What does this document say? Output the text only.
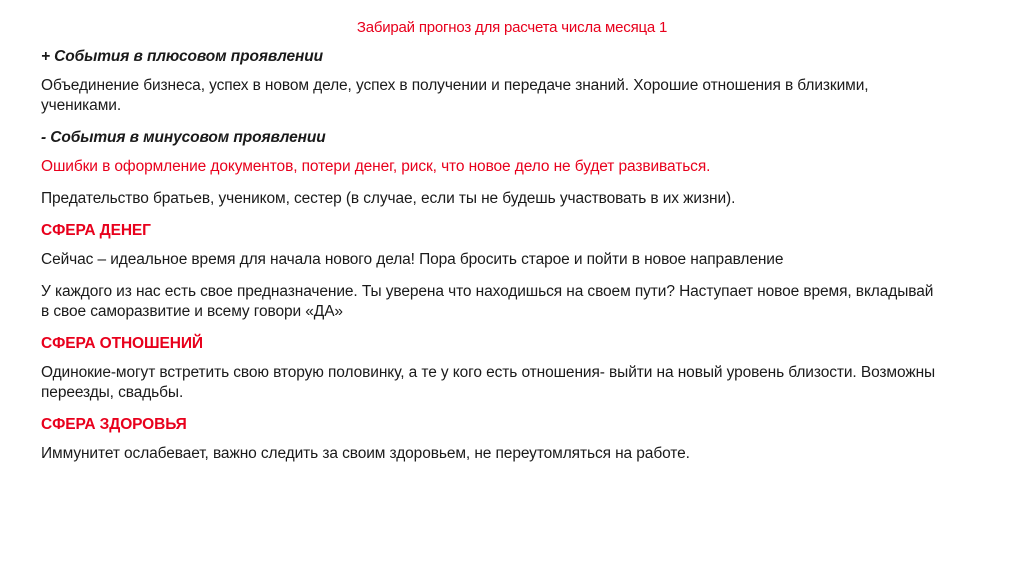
Забирай прогноз для расчета числа месяца 1
+ События в плюсовом проявлении
Объединение бизнеса, успех в новом деле, успех в получении и передаче знаний. Хорошие отношения в близкими, учениками.
- События в минусовом проявлении
Ошибки в оформление документов, потери денег, риск, что новое дело не будет развиваться.
Предательство братьев, учеником, сестер (в случае, если ты не будешь участвовать в их жизни).
СФЕРА ДЕНЕГ
Сейчас – идеальное время для начала нового дела! Пора бросить старое и пойти в новое направление
У каждого из нас есть свое предназначение. Ты уверена что находишься на своем пути? Наступает новое время, вкладывай в свое саморазвитие и всему говори «ДА»
СФЕРА ОТНОШЕНИЙ
Одинокие-могут встретить свою вторую половинку, а те у кого есть отношения- выйти на новый уровень близости. Возможны переезды, свадьбы.
СФЕРА ЗДОРОВЬЯ
Иммунитет ослабевает, важно следить за своим здоровьем, не переутомляться на работе.
